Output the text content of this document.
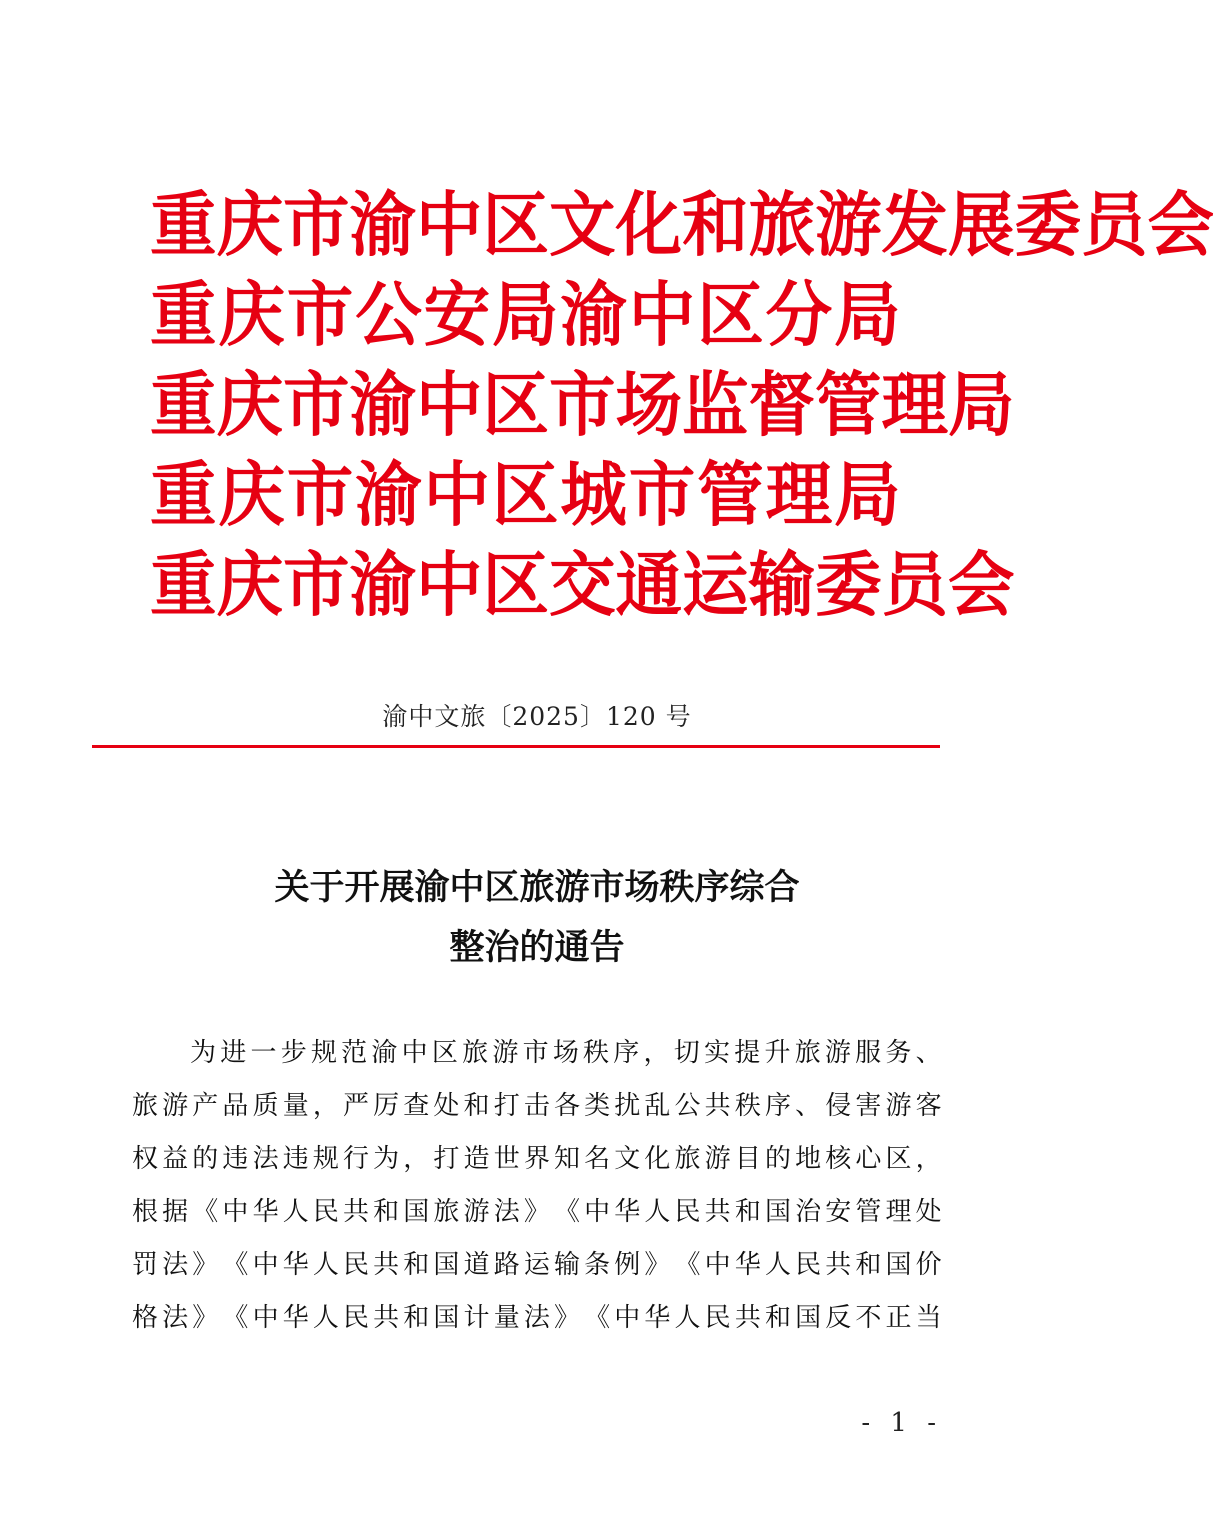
重 庆 市 渝 中 区 文 化 和 旅 游 发 展 委 员 会
重 庆 市 公 安 局 渝 中 区 分 局
重 庆 市 渝 中 区 市 场 监 督 管 理 局
重 庆 市 渝 中 区 城 市 管 理 局
重 庆 市 渝 中 区 交 通 运 输 委 员 会
渝中文旅〔2025〕120 号
关于开展渝中区旅游市场秩序综合
整治的通告
为 进 一 步 规 范 渝 中 区 旅 游 市 场 秩 序 ， 切 实 提 升 旅 游 服 务 、
旅 游 产 品 质 量 ， 严 厉 查 处 和 打 击 各 类 扰 乱 公 共 秩 序 、 侵 害 游 客
权 益 的 违 法 违 规 行 为 ， 打 造 世 界 知 名 文 化 旅 游 目 的 地 核 心 区 ，
根 据 《 中 华 人 民 共 和 国 旅 游 法 》 《 中 华 人 民 共 和 国 治 安 管 理 处
罚 法 》 《 中 华 人 民 共 和 国 道 路 运 输 条 例 》 《 中 华 人 民 共 和 国 价
格 法 》 《 中 华 人 民 共 和 国 计 量 法 》 《 中 华 人 民 共 和 国 反 不 正 当
- 1 -
